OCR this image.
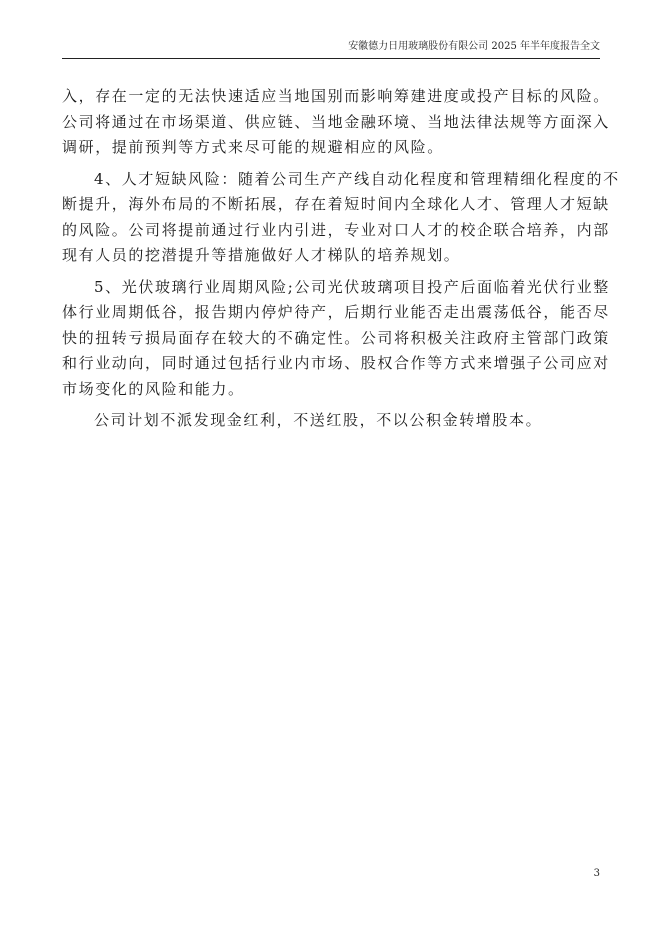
安徽德力日用玻璃股份有限公司 2025 年半年度报告全文

入，存在一定的无法快速适应当地国别而影响筹建进度或投产目标的风险。
公司将通过在市场渠道、供应链、当地金融环境、当地法律法规等方面深入
调研，提前预判等方式来尽可能的规避相应的风险。

4、人才短缺风险：随着公司生产产线自动化程度和管理精细化程度的不
断提升，海外布局的不断拓展，存在着短时间内全球化人才、管理人才短缺
的风险。公司将提前通过行业内引进，专业对口人才的校企联合培养，内部
现有人员的挖潜提升等措施做好人才梯队的培养规划。

5、光伏玻璃行业周期风险;公司光伏玻璃项目投产后面临着光伏行业整
体行业周期低谷，报告期内停炉待产，后期行业能否走出震荡低谷，能否尽
快的扭转亏损局面存在较大的不确定性。公司将积极关注政府主管部门政策
和行业动向，同时通过包括行业内市场、股权合作等方式来增强子公司应对
市场变化的风险和能力。

公司计划不派发现金红利，不送红股，不以公积金转增股本。

3
